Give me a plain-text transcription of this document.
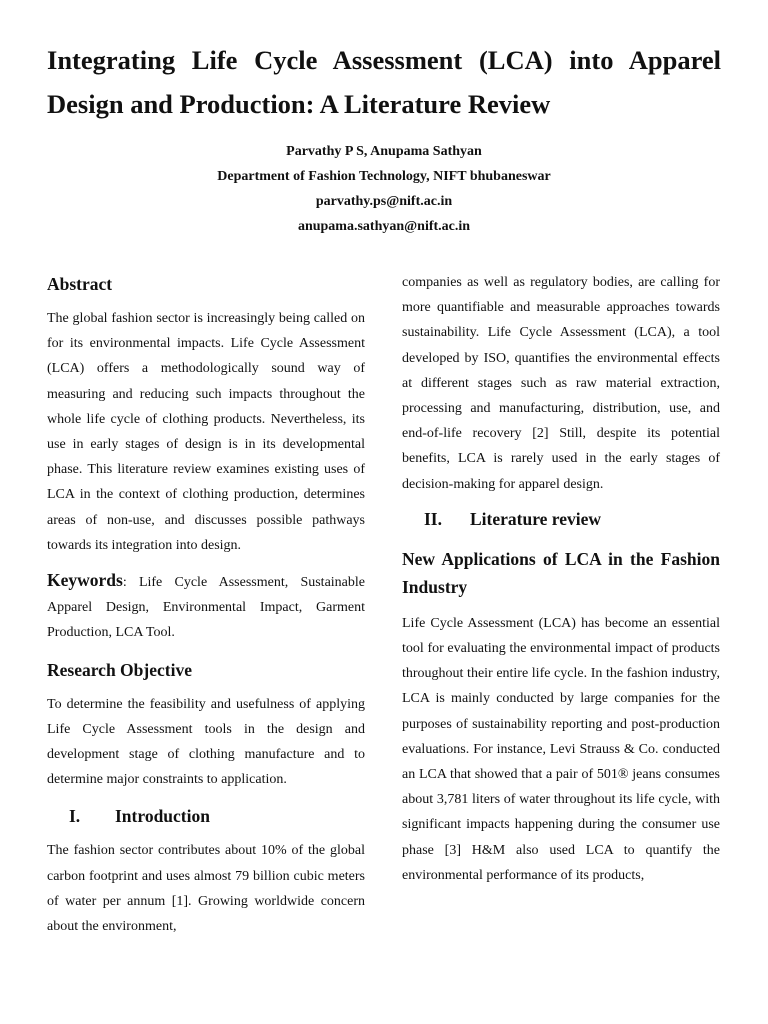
Integrating Life Cycle Assessment (LCA) into Apparel Design and Production: A Literature Review
Parvathy P S, Anupama Sathyan
Department of Fashion Technology, NIFT bhubaneswar
parvathy.ps@nift.ac.in
anupama.sathyan@nift.ac.in
Abstract

The global fashion sector is increasingly being called on for its environmental impacts. Life Cycle Assessment (LCA) offers a methodologically sound way of measuring and reducing such impacts throughout the whole life cycle of clothing products. Nevertheless, its use in early stages of design is in its developmental phase. This literature review examines existing uses of LCA in the context of clothing production, determines areas of non-use, and discusses possible pathways towards its integration into design.

Keywords: Life Cycle Assessment, Sustainable Apparel Design, Environmental Impact, Garment Production, LCA Tool.

Research Objective

To determine the feasibility and usefulness of applying Life Cycle Assessment tools in the design and development stage of clothing manufacture and to determine major constraints to application.

I. Introduction

The fashion sector contributes about 10% of the global carbon footprint and uses almost 79 billion cubic meters of water per annum [1]. Growing worldwide concern about the environment,

companies as well as regulatory bodies, are calling for more quantifiable and measurable approaches towards sustainability. Life Cycle Assessment (LCA), a tool developed by ISO, quantifies the environmental effects at different stages such as raw material extraction, processing and manufacturing, distribution, use, and end-of-life recovery [2] Still, despite its potential benefits, LCA is rarely used in the early stages of decision-making for apparel design.

II. Literature review

New Applications of LCA in the Fashion Industry

Life Cycle Assessment (LCA) has become an essential tool for evaluating the environmental impact of products throughout their entire life cycle. In the fashion industry, LCA is mainly conducted by large companies for the purposes of sustainability reporting and post-production evaluations. For instance, Levi Strauss & Co. conducted an LCA that showed that a pair of 501® jeans consumes about 3,781 liters of water throughout its life cycle, with significant impacts happening during the consumer use phase [3] H&M also used LCA to quantify the environmental performance of its products,
